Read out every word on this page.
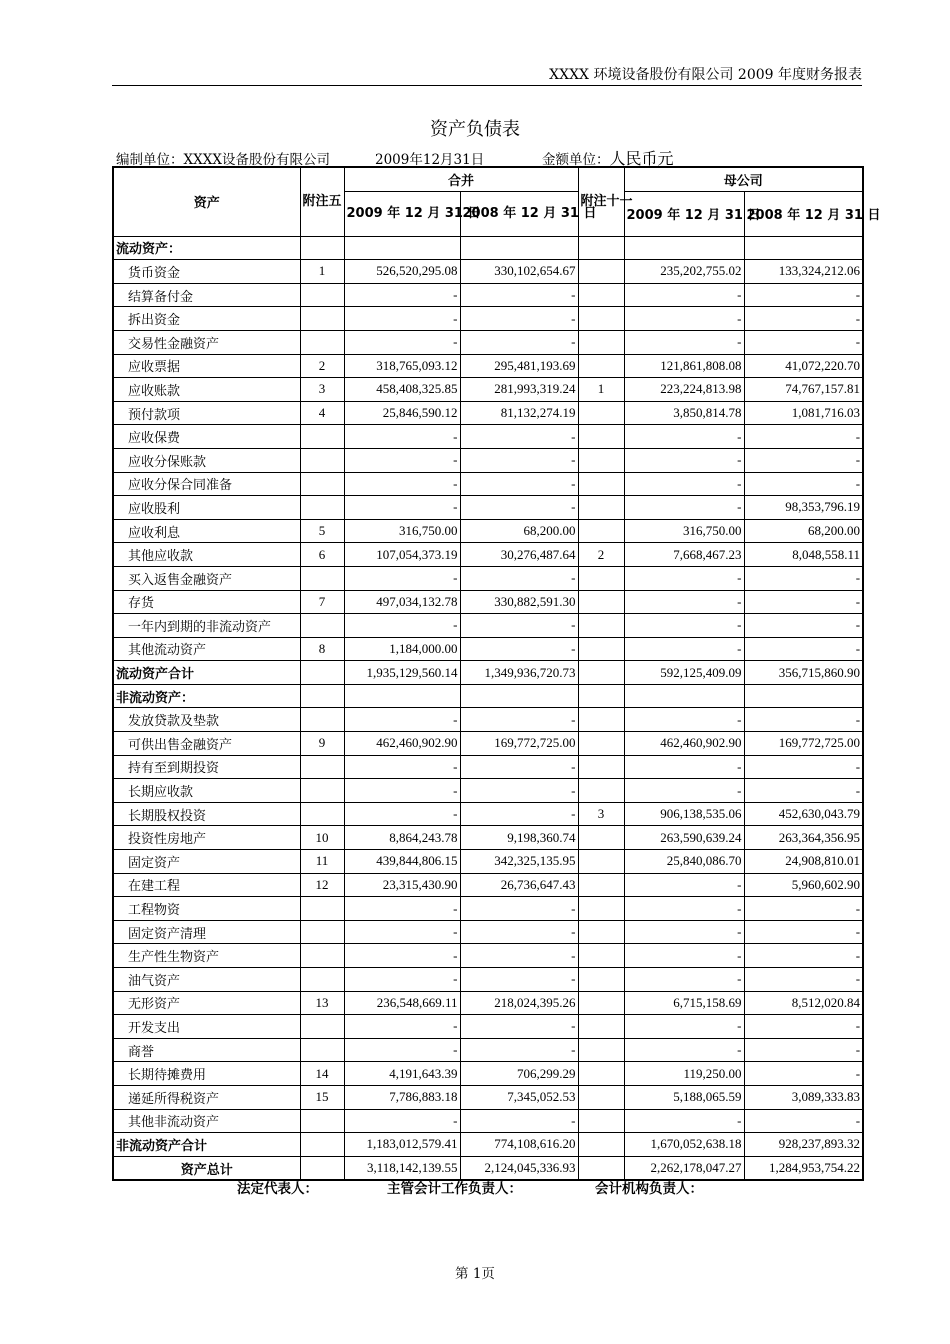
XXXX 环境设备股份有限公司 2009 年度财务报表
资产负债表
编制单位：XXXX设备股份有限公司	2009年12月31日	金额单位：人民币元
资产	附注五	合并		附注十一	母公司	
		2009 年 12 月 31 日	2008 年 12 月 31 日		2009 年 12 月 31 日	2008 年 12 月 31 日
流动资产：						
货币资金	1	526,520,295.08	330,102,654.67		235,202,755.02	133,324,212.06
结算备付金		-	-		-	-
拆出资金		-	-		-	-
交易性金融资产		-	-		-	-
应收票据	2	318,765,093.12	295,481,193.69		121,861,808.08	41,072,220.70
应收账款	3	458,408,325.85	281,993,319.24	1	223,224,813.98	74,767,157.81
预付款项	4	25,846,590.12	81,132,274.19		3,850,814.78	1,081,716.03
应收保费		-	-		-	-
应收分保账款		-	-		-	-
应收分保合同准备		-	-		-	-
应收股利		-	-		-	98,353,796.19
应收利息	5	316,750.00	68,200.00		316,750.00	68,200.00
其他应收款	6	107,054,373.19	30,276,487.64	2	7,668,467.23	8,048,558.11
买入返售金融资产		-	-		-	-
存货	7	497,034,132.78	330,882,591.30		-	-
一年内到期的非流动资产		-	-		-	-
其他流动资产	8	1,184,000.00	-		-	-
流动资产合计		1,935,129,560.14	1,349,936,720.73		592,125,409.09	356,715,860.90
非流动资产：						
发放贷款及垫款		-	-		-	-
可供出售金融资产	9	462,460,902.90	169,772,725.00		462,460,902.90	169,772,725.00
持有至到期投资		-	-		-	-
长期应收款		-	-		-	-
长期股权投资		-	-	3	906,138,535.06	452,630,043.79
投资性房地产	10	8,864,243.78	9,198,360.74		263,590,639.24	263,364,356.95
固定资产	11	439,844,806.15	342,325,135.95		25,840,086.70	24,908,810.01
在建工程	12	23,315,430.90	26,736,647.43		-	5,960,602.90
工程物资		-	-		-	-
固定资产清理		-	-		-	-
生产性生物资产		-	-		-	-
油气资产		-	-		-	-
无形资产	13	236,548,669.11	218,024,395.26		6,715,158.69	8,512,020.84
开发支出		-	-		-	-
商誉		-	-		-	-
长期待摊费用	14	4,191,643.39	706,299.29		119,250.00	-
递延所得税资产	15	7,786,883.18	7,345,052.53		5,188,065.59	3,089,333.83
其他非流动资产		-	-		-	-
非流动资产合计		1,183,012,579.41	774,108,616.20		1,670,052,638.18	928,237,893.32
资产总计		3,118,142,139.55	2,124,045,336.93		2,262,178,047.27	1,284,953,754.22
法定代表人：	主管会计工作负责人：	会计机构负责人：
第 1页
